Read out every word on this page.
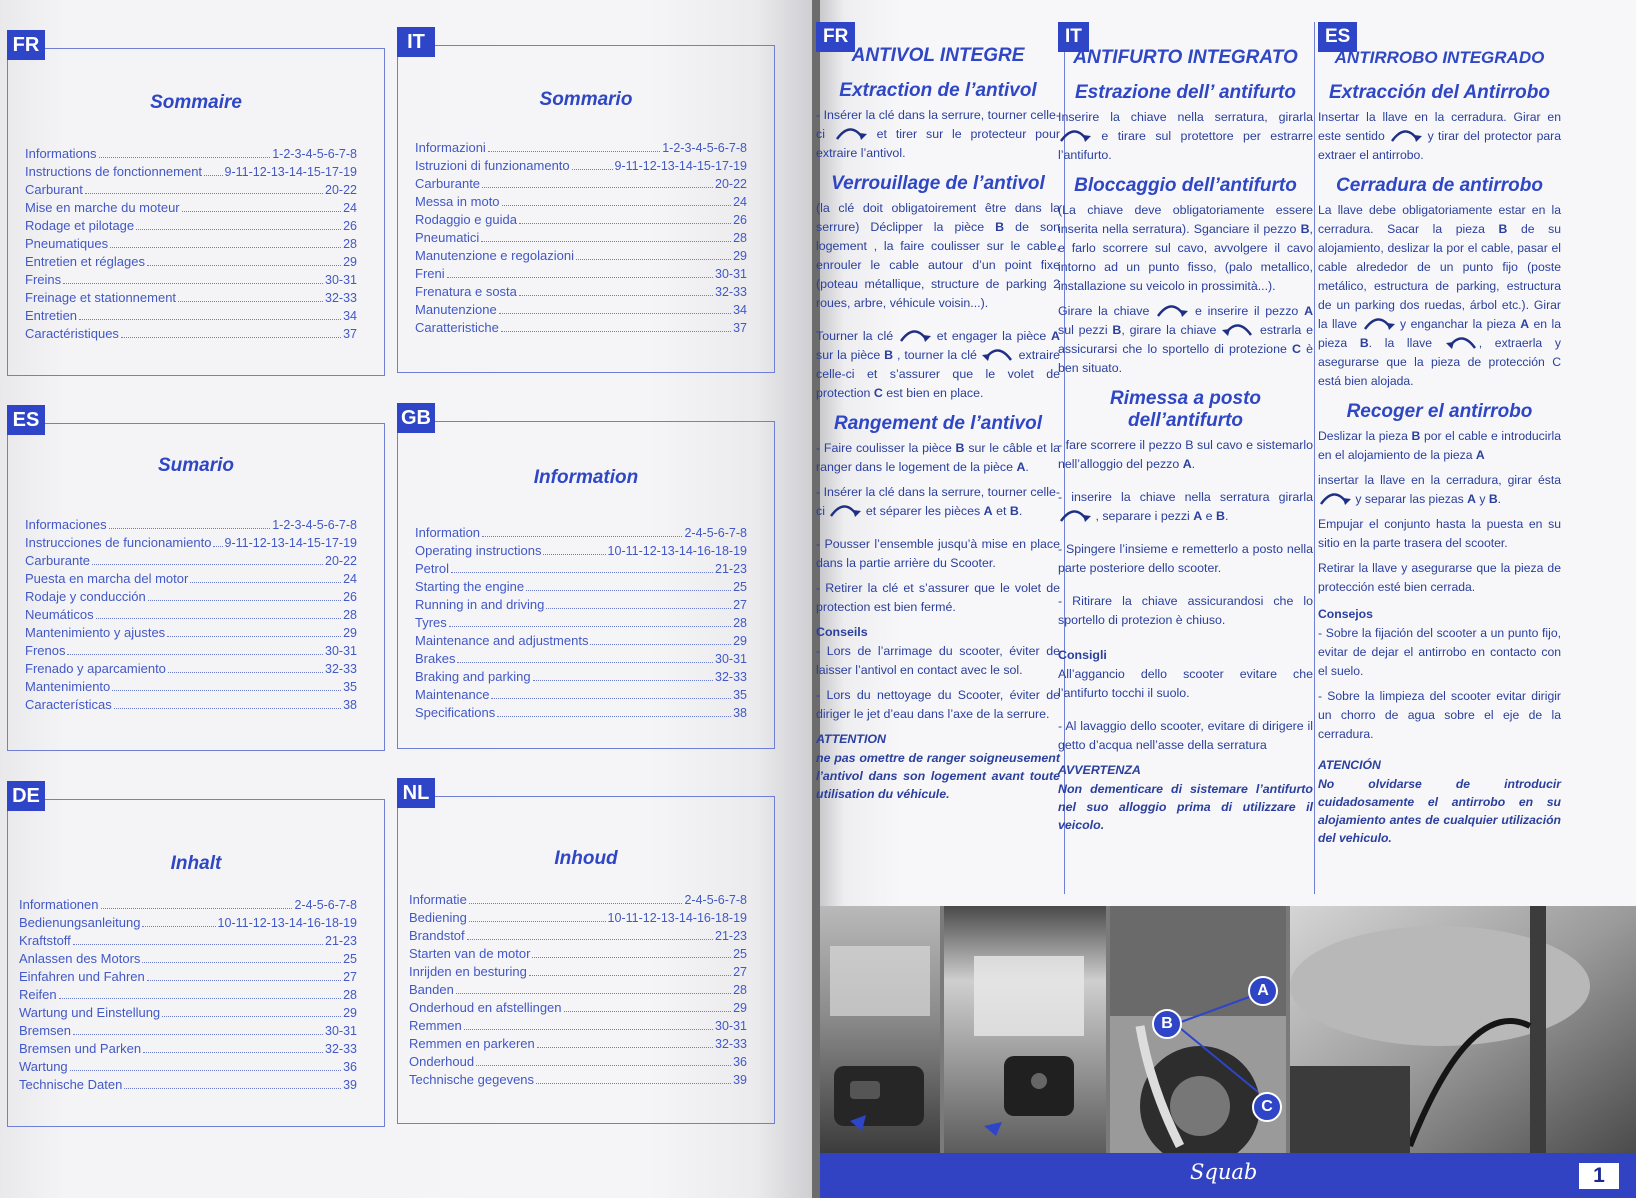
FR
Sommaire
Informations	1-2-3-4-5-6-7-8
Instructions de fonctionnement 9-11-12-13-14-15-17-19
Carburant	20-22
Mise en marche du moteur	24
Rodage et pilotage	26
Pneumatiques	28
Entretien et réglages	29
Freins	30-31
Freinage et stationnement	32-33
Entretien	34
Caractéristiques	37
IT
Sommario
Informazioni	1-2-3-4-5-6-7-8
Istruzioni di funzionamento	9-11-12-13-14-15-17-19
Carburante	20-22
Messa in moto	24
Rodaggio e guida	26
Pneumatici	28
Manutenzione e regolazioni	29
Freni	30-31
Frenatura e sosta	32-33
Manutenzione	34
Caratteristiche	37
ES
Sumario
Informaciones	1-2-3-4-5-6-7-8
Instrucciones de funcionamiento 9-11-12-13-14-15-17-19
Carburante	20-22
Puesta en marcha del motor	24
Rodaje y conducción	26
Neumáticos	28
Mantenimiento y ajustes	29
Frenos	30-31
Frenado y aparcamiento	32-33
Mantenimiento	35
Características	38
GB
Information
Information	2-4-5-6-7-8
Operating instructions	10-11-12-13-14-16-18-19
Petrol	21-23
Starting the engine	25
Running in and driving	27
Tyres	28
Maintenance and adjustments	29
Brakes	30-31
Braking and parking	32-33
Maintenance	35
Specifications	38
DE
Inhalt
Informationen	2-4-5-6-7-8
Bedienungsanleitung	10-11-12-13-14-16-18-19
Kraftstoff	21-23
Anlassen des Motors	25
Einfahren und Fahren	27
Reifen	28
Wartung und Einstellung	29
Bremsen	30-31
Bremsen und Parken	32-33
Wartung	36
Technische Daten	39
NL
Inhoud
Informatie	2-4-5-6-7-8
Bediening	10-11-12-13-14-16-18-19
Brandstof	21-23
Starten van de motor	25
Inrijden en besturing	27
Banden	28
Onderhoud en afstellingen	29
Remmen	30-31
Remmen en parkeren	32-33
Onderhoud	36
Technische gegevens	39
FR
ANTIVOL INTEGRE
Extraction de l’antivol

- Insérer la clé dans la serrure, tourner celle-ci	et tirer sur le protecteur pour extraire l’antivol.

Verrouillage de l’antivol

(la clé doit obligatoirement être dans la serrure) Déclipper la pièce B de son logement , la faire coulisser sur le cable, enrouler le cable autour d’un point fixe (poteau métallique, structure de parking 2 roues, arbre, véhicule voisin...).

Tourner la clé	et engager la pièce A sur la pièce B , tourner la clé	extraire celle-ci et s’assurer que le volet de protection C est bien en place.

Rangement de l’antivol

- Faire coulisser la pièce B sur le câble et la ranger dans le logement de la pièce A.

- Insérer la clé dans la serrure, tourner celle-ci	et séparer les pièces A et B.

- Pousser l’ensemble jusqu’à mise en place dans la partie arrière du Scooter.

- Retirer la clé et s’assurer que le volet de protection est bien fermé.

Conseils

- Lors de l’arrimage du scooter, éviter de laisser l’antivol en contact avec le sol.

- Lors du nettoyage du Scooter, éviter de diriger le jet d’eau dans l’axe de la serrure.

ATTENTION
ne pas omettre de ranger soigneusement l’antivol dans son logement avant toute utilisation du véhicule.
IT
ANTIFURTO INTEGRATO
Estrazione dell’ antifurto

Inserire la chiave nella serratura, girarla  e tirare sul protettore per estrarre l’antifurto.

Bloccaggio dell’antifurto

(La chiave deve obligatoriamente essere inserita nella serratura). Sganciare il pezzo B, e farlo scorrere sul cavo, avvolgere il cavo intorno ad un punto fisso, (palo metallico, installazione su veicolo in prossimità...).

Girare la chiave	e inserire il pezzo A sul pezzi B, girare la chiave	estrarla e assicurarsi che lo sportello di protezione C è ben situato.

Rimessa a posto dell’antifurto

- fare scorrere il pezzo B sul cavo e sistemarlo nell’alloggio del pezzo A.

- inserire la chiave nella serratura girarla  , separare i pezzi A e B.

- Spingere l’insieme e remetterlo a posto nella parte posteriore dello scooter.

- Ritirare la chiave assicurandosi che lo sportello di protezion è chiuso.

Consigli

All’aggancio dello scooter evitare che l’antifurto tocchi il suolo.

- Al lavaggio dello scooter, evitare di dirigere il getto d’acqua nell’asse della serratura

AVVERTENZA
Non dementicare di sistemare l’antifurto nel suo alloggio prima di utilizzare il veicolo.
ES
ANTIRROBO INTEGRADO
Extracción del Antirrobo

Insertar la llave en la cerradura. Girar en este sentido	y tirar del protector para extraer el antirrobo.

Cerradura de antirrobo

La llave debe obligatoriamente estar en la cerradura. Sacar la pieza B de su alojamiento, deslizar la por el cable, pasar el cable alrededor de un punto fijo (poste metálico, estructura de parking, estructura de un parking dos ruedas, árbol etc.). Girar la llave	y enganchar la pieza A en la pieza B. la llave	, extraerla y asegurarse que la pieza de protección C está bien alojada.

Recoger el antirrobo

Deslizar la pieza B por el cable e introducirla en el alojamiento de la pieza A

insertar la llave en la cerradura, girar ésta  y separar las piezas A y B.

Empujar el conjunto hasta la puesta en su sitio en la parte trasera del scooter.

Retirar la llave y asegurarse que la pieza de protección esté bien cerrada.

Consejos

- Sobre la fijación del scooter a un punto fijo, evitar de dejar el antirrobo en contacto con el suelo.

- Sobre la limpieza del scooter evitar dirigir un chorro de agua sobre el eje de la cerradura.

ATENCIÓN
No olvidarse de introducir cuidadosamente el antirrobo en su alojamiento antes de cualquier utilización del vehiculo.
A
B
C
Squab	1
